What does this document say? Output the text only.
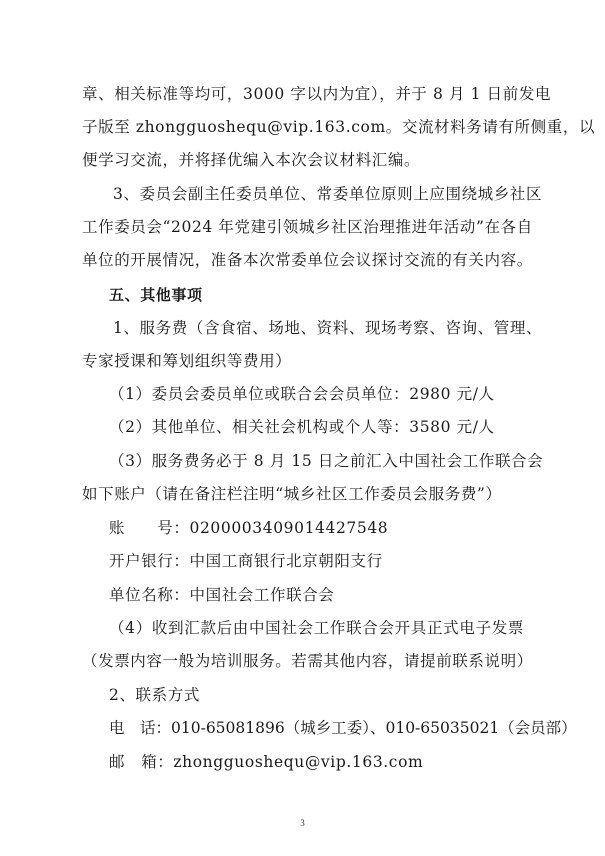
章、相关标准等均可，3000 字以内为宜），并于 8 月 1 日前发电
子版至 zhongguoshequ@vip.163.com。交流材料务请有所侧重，以
便学习交流，并将择优编入本次会议材料汇编。
3、委员会副主任委员单位、常委单位原则上应围绕城乡社区
工作委员会“2024 年党建引领城乡社区治理推进年活动”在各自
单位的开展情况，准备本次常委单位会议探讨交流的有关内容。
五、其他事项
1、服务费（含食宿、场地、资料、现场考察、咨询、管理、
专家授课和筹划组织等费用）
（1）委员会委员单位或联合会会员单位：2980 元/人
（2）其他单位、相关社会机构或个人等：3580 元/人
（3）服务费务必于 8 月 15 日之前汇入中国社会工作联合会
如下账户（请在备注栏注明“城乡社区工作委员会服务费”）
账　　号：0200003409014427548
开户银行：中国工商银行北京朝阳支行
单位名称：中国社会工作联合会
（4）收到汇款后由中国社会工作联合会开具正式电子发票
（发票内容一般为培训服务。若需其他内容，请提前联系说明）
2、联系方式
电　话：010-65081896（城乡工委）、010-65035021（会员部）
邮　箱：zhongguoshequ@vip.163.com
3
